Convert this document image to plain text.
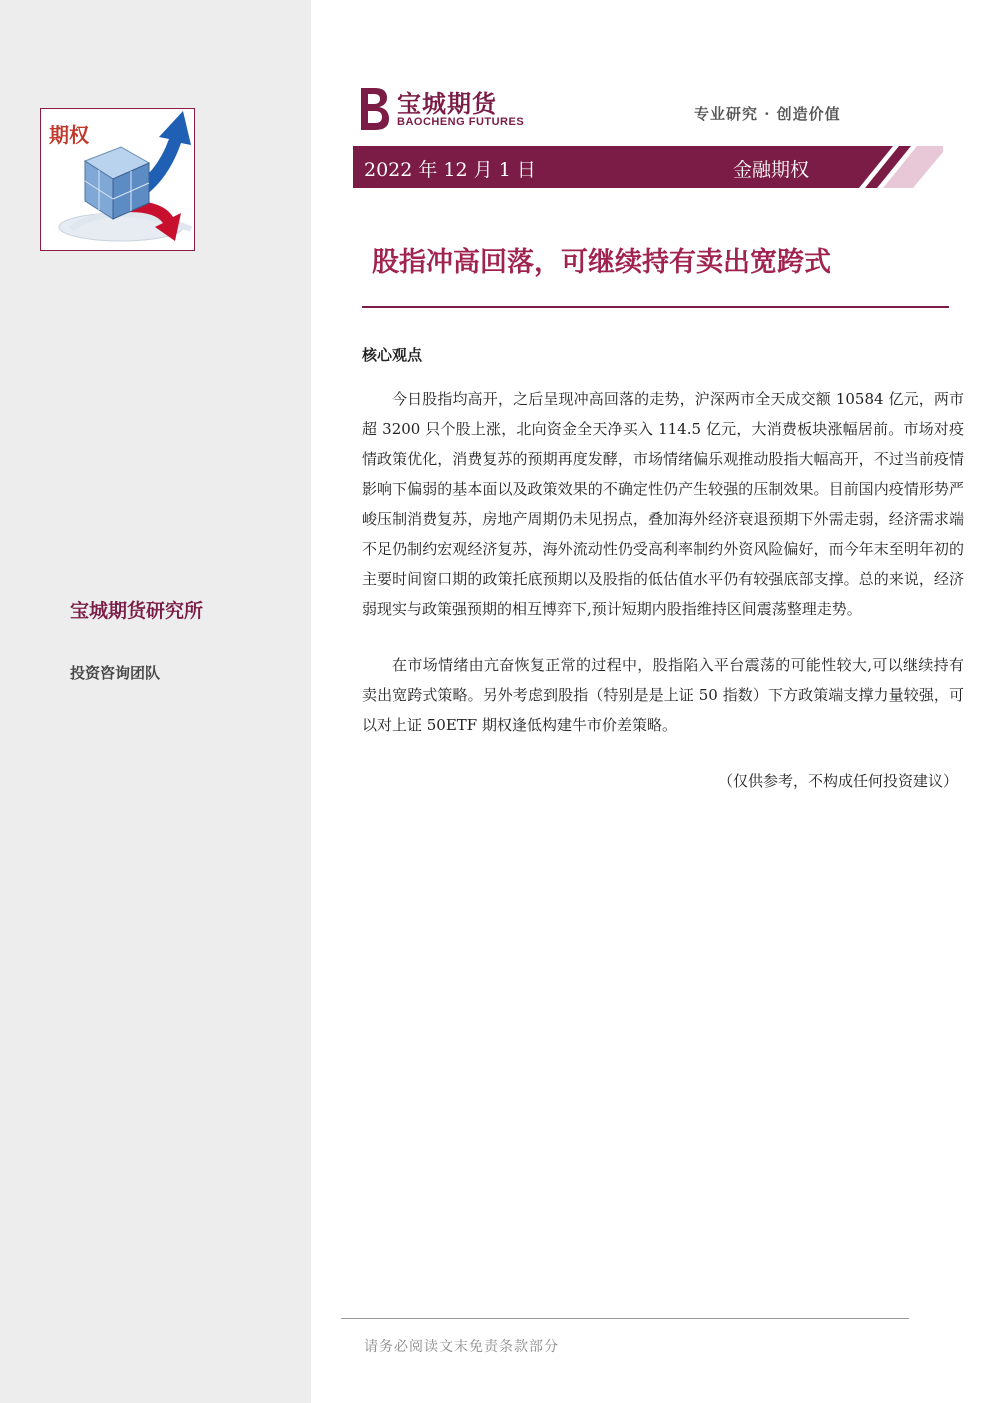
期权
宝城期货研究所
投资咨询团队
宝城期货
BAOCHENG FUTURES	专业研究 · 创造价值
2022 年 12 月 1 日	金融期权
股指冲高回落，可继续持有卖出宽跨式
核心观点

今日股指均高开，之后呈现冲高回落的走势，沪深两市全天成交额 10584 亿元，两市超 3200 只个股上涨，北向资金全天净买入 114.5 亿元，大消费板块涨幅居前。市场对疫情政策优化，消费复苏的预期再度发酵，市场情绪偏乐观推动股指大幅高开，不过当前疫情影响下偏弱的基本面以及政策效果的不确定性仍产生较强的压制效果。目前国内疫情形势严峻压制消费复苏，房地产周期仍未见拐点，叠加海外经济衰退预期下外需走弱，经济需求端不足仍制约宏观经济复苏，海外流动性仍受高利率制约外资风险偏好，而今年末至明年初的主要时间窗口期的政策托底预期以及股指的低估值水平仍有较强底部支撑。总的来说，经济弱现实与政策强预期的相互博弈下,预计短期内股指维持区间震荡整理走势。

在市场情绪由亢奋恢复正常的过程中，股指陷入平台震荡的可能性较大,可以继续持有卖出宽跨式策略。另外考虑到股指（特别是是上证 50 指数）下方政策端支撑力量较强，可以对上证 50ETF 期权逢低构建牛市价差策略。

（仅供参考，不构成任何投资建议）
请务必阅读文末免责条款部分
